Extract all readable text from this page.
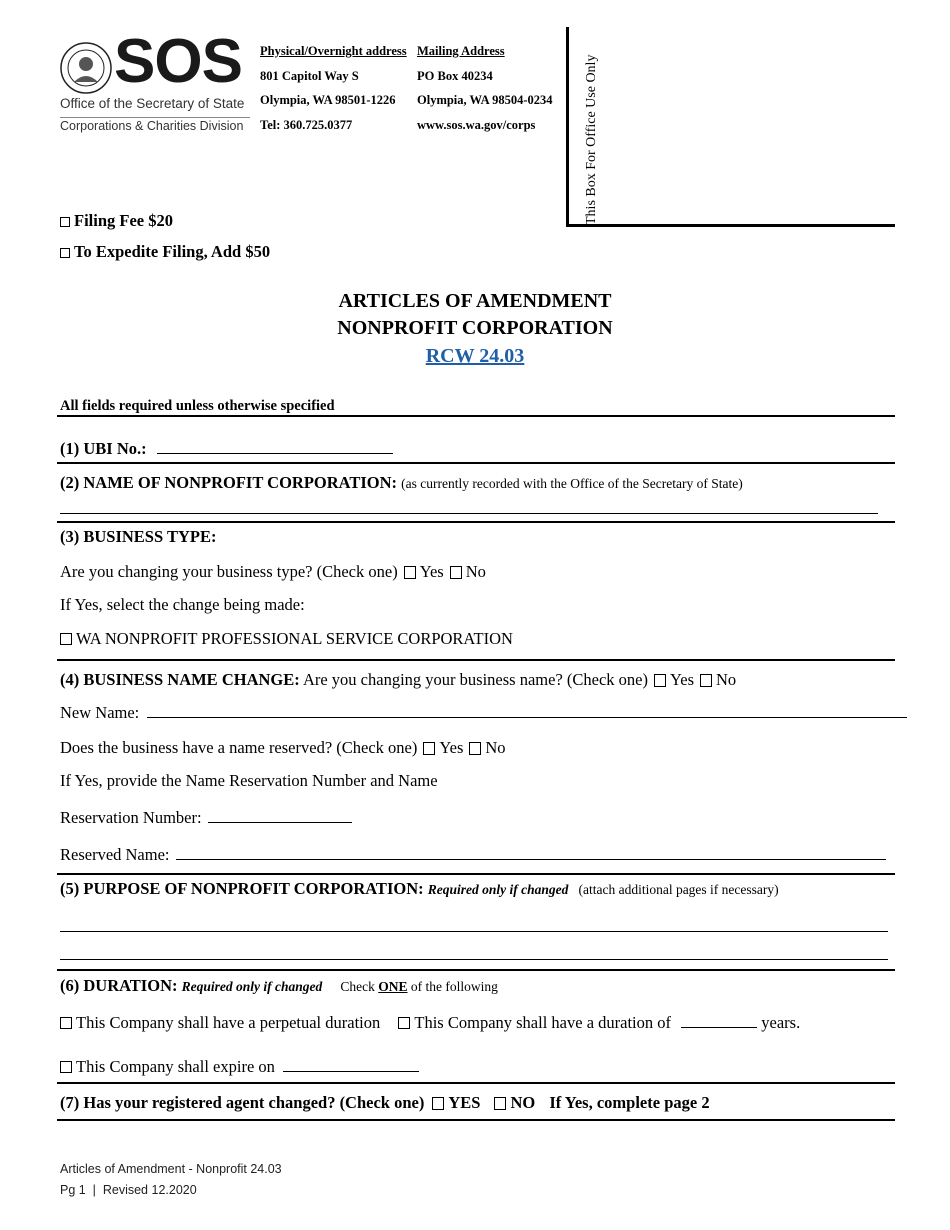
SOS
Office of the Secretary of State
Corporations & Charities Division
Physical/Overnight address
801 Capitol Way S
Olympia, WA 98501-1226
Tel: 360.725.0377
Mailing Address
PO Box 40234
Olympia, WA 98504-0234
www.sos.wa.gov/corps	This Box For Office Use Only
Filing Fee $20
To Expedite Filing, Add $50
ARTICLES OF AMENDMENT
NONPROFIT CORPORATION
RCW 24.03
All fields required unless otherwise specified
(1) UBI No.:
(2) NAME OF NONPROFIT CORPORATION: (as currently recorded with the Office of the Secretary of State)
(3) BUSINESS TYPE:
Are you changing your business type? (Check one) Yes No
If Yes, select the change being made:
WA NONPROFIT PROFESSIONAL SERVICE CORPORATION
(4) BUSINESS NAME CHANGE: Are you changing your business name? (Check one) Yes No
New Name:
Does the business have a name reserved? (Check one) Yes No
If Yes, provide the Name Reservation Number and Name
Reservation Number:
Reserved Name:
(5) PURPOSE OF NONPROFIT CORPORATION: Required only if changed (attach additional pages if necessary)
(6) DURATION: Required only if changed Check ONE of the following
This Company shall have a perpetual duration This Company shall have a duration of	years.
This Company shall expire on
(7) Has your registered agent changed? (Check one) YES NO If Yes, complete page 2
Articles of Amendment - Nonprofit 24.03
Pg 1  |  Revised 12.2020
